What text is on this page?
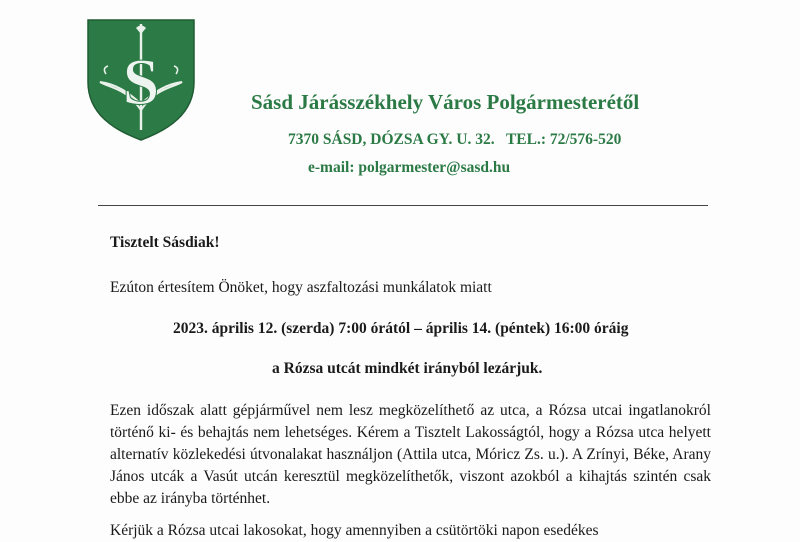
S	Sásd Járásszékhely Város Polgármesterétől
7370 SÁSD, DÓZSA GY. U. 32. TEL.: 72/576-520
e-mail: polgarmester@sasd.hu
Tisztelt Sásdiak!
Ezúton értesítem Önöket, hogy aszfaltozási munkálatok miatt
2023. április 12. (szerda) 7:00 órától – április 14. (péntek) 16:00 óráig
a Rózsa utcát mindkét irányból lezárjuk.
Ezen időszak alatt gépjárművel nem lesz megközelíthető az utca, a Rózsa utcai ingatlanokról történő ki- és behajtás nem lehetséges. Kérem a Tisztelt Lakosságtól, hogy a Rózsa utca helyett alternatív közlekedési útvonalakat használjon (Attila utca, Móricz Zs. u.). A Zrínyi, Béke, Arany János utcák a Vasút utcán keresztül megközelíthetők, viszont azokból a kihajtás szintén csak ebbe az irányba történhet.
Kérjük a Rózsa utcai lakosokat, hogy amennyiben a csütörtöki napon esedékes
